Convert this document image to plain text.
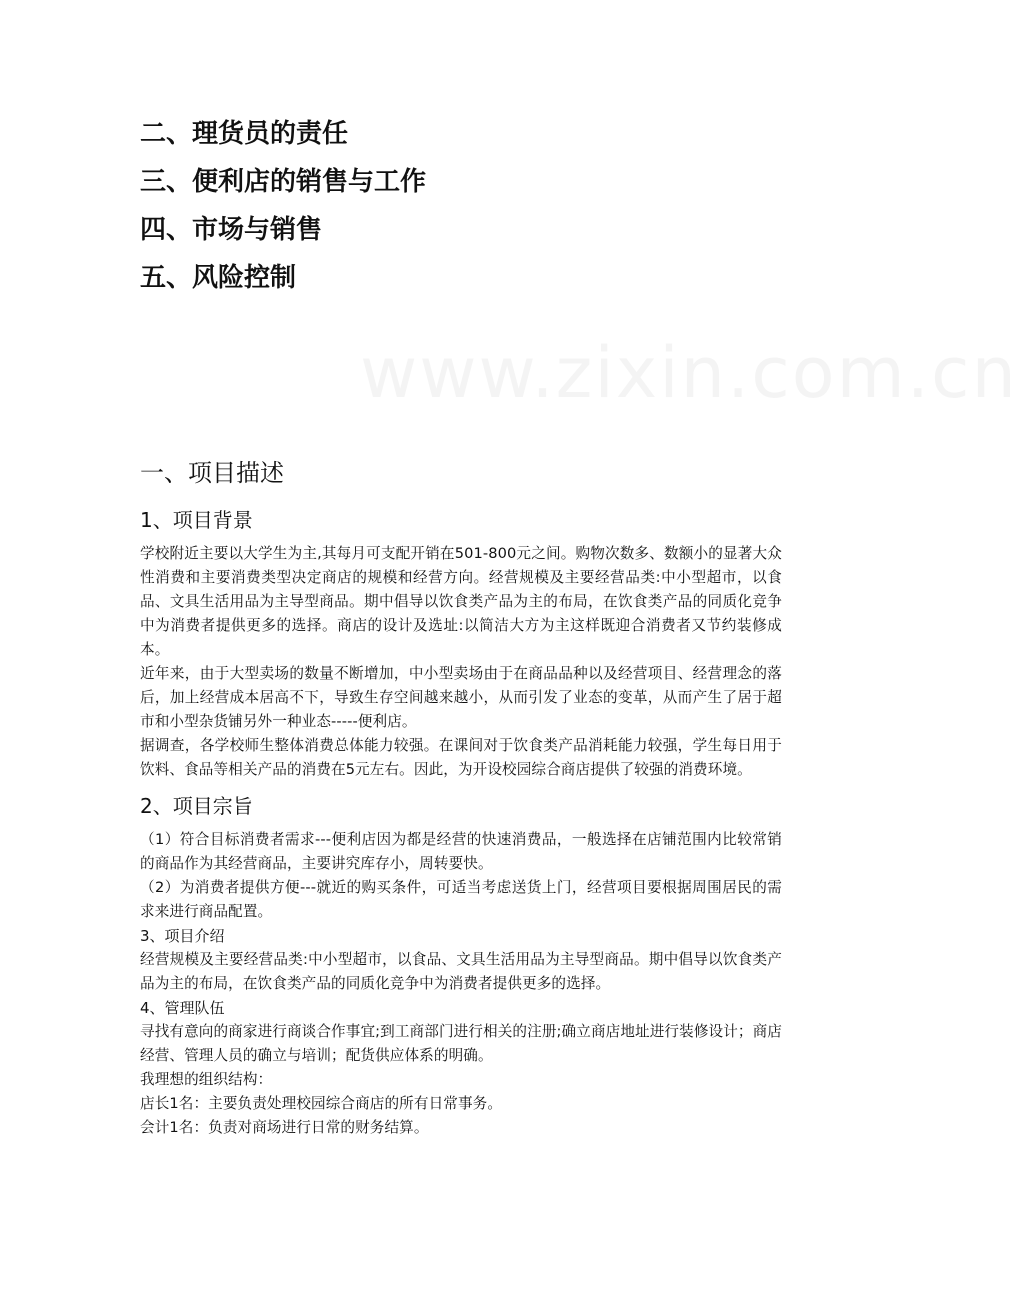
二、理货员的责任
三、便利店的销售与工作
四、市场与销售
五、风险控制
www.zixin.com.cn
一、项目描述
1、项目背景

学校附近主要以大学生为主,其每月可支配开销在501-800元之间。购物次数多、数额小的显著大众性消费和主要消费类型决定商店的规模和经营方向。经营规模及主要经营品类:中小型超市，以食品、文具生活用品为主导型商品。期中倡导以饮食类产品为主的布局，在饮食类产品的同质化竞争中为消费者提供更多的选择。商店的设计及选址:以简洁大方为主这样既迎合消费者又节约装修成本。

近年来，由于大型卖场的数量不断增加，中小型卖场由于在商品品种以及经营项目、经营理念的落后，加上经营成本居高不下，导致生存空间越来越小，从而引发了业态的变革，从而产生了居于超市和小型杂货铺另外一种业态-----便利店。

据调查，各学校师生整体消费总体能力较强。在课间对于饮食类产品消耗能力较强，学生每日用于饮料、食品等相关产品的消费在5元左右。因此，为开设校园综合商店提供了较强的消费环境。

2、项目宗旨

（1）符合目标消费者需求---便利店因为都是经营的快速消费品，一般选择在店铺范围内比较常销的商品作为其经营商品，主要讲究库存小，周转要快。

（2）为消费者提供方便---就近的购买条件，可适当考虑送货上门，经营项目要根据周围居民的需求来进行商品配置。

3、项目介绍

经营规模及主要经营品类:中小型超市，以食品、文具生活用品为主导型商品。期中倡导以饮食类产品为主的布局，在饮食类产品的同质化竞争中为消费者提供更多的选择。

4、管理队伍

寻找有意向的商家进行商谈合作事宜;到工商部门进行相关的注册;确立商店地址进行装修设计；商店经营、管理人员的确立与培训；配货供应体系的明确。

我理想的组织结构：

店长1名：主要负责处理校园综合商店的所有日常事务。

会计1名：负责对商场进行日常的财务结算。
